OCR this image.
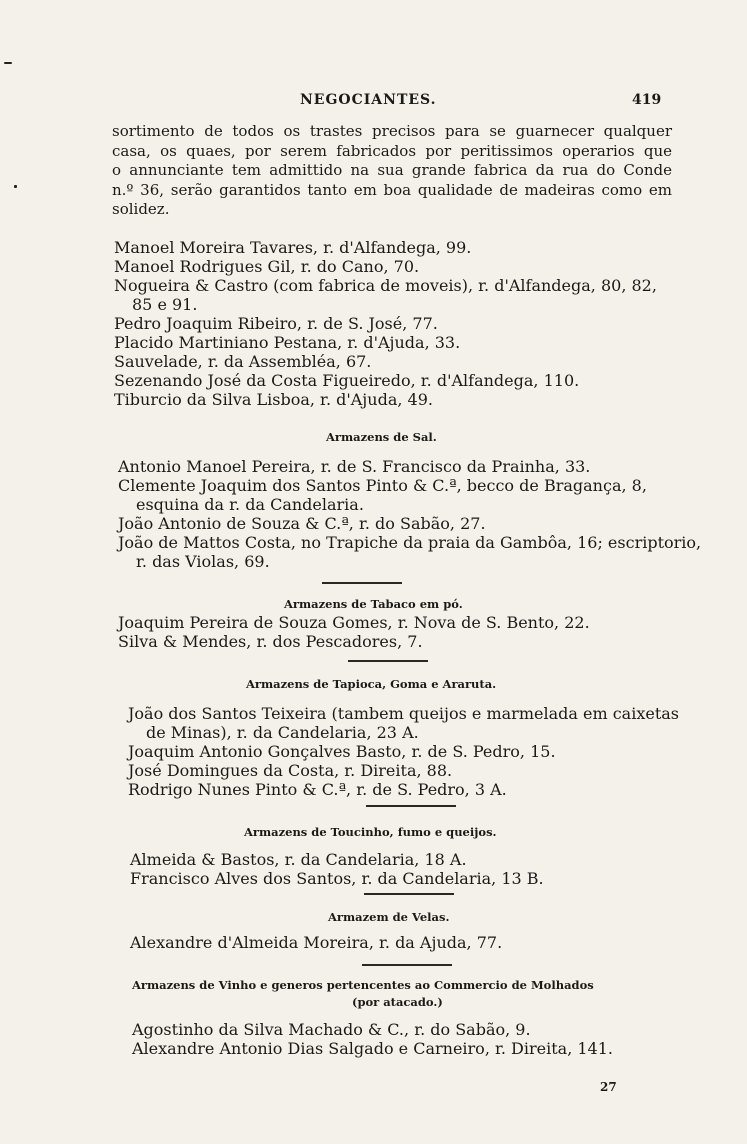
NEGOCIANTES.	419
sortimento de todos os trastes precisos para se guarnecer qualquer
casa, os quaes, por serem fabricados por peritissimos operarios que
o annunciante tem admittido na sua grande fabrica da rua do Conde
n.º 36, serão garantidos tanto em boa qualidade de madeiras como em
solidez.
Manoel Moreira Tavares, r. d'Alfandega, 99.
Manoel Rodrigues Gil, r. do Cano, 70.
Nogueira & Castro (com fabrica de moveis), r. d'Alfandega, 80, 82,
85 e 91.
Pedro Joaquim Ribeiro, r. de S. José, 77.
Placido Martiniano Pestana, r. d'Ajuda, 33.
Sauvelade, r. da Assembléa, 67.
Sezenando José da Costa Figueiredo, r. d'Alfandega, 110.
Tiburcio da Silva Lisboa, r. d'Ajuda, 49.
Armazens de Sal.
Antonio Manoel Pereira, r. de S. Francisco da Prainha, 33.
Clemente Joaquim dos Santos Pinto & C.ª, becco de Bragança, 8,
esquina da r. da Candelaria.
João Antonio de Souza & C.ª, r. do Sabão, 27.
João de Mattos Costa, no Trapiche da praia da Gambôa, 16; escriptorio,
r. das Violas, 69.
Armazens de Tabaco em pó.
Joaquim Pereira de Souza Gomes, r. Nova de S. Bento, 22.
Silva & Mendes, r. dos Pescadores, 7.
Armazens de Tapioca, Goma e Araruta.
João dos Santos Teixeira (tambem queijos e marmelada em caixetas
de Minas), r. da Candelaria, 23 A.
Joaquim Antonio Gonçalves Basto, r. de S. Pedro, 15.
José Domingues da Costa, r. Direita, 88.
Rodrigo Nunes Pinto & C.ª, r. de S. Pedro, 3 A.
Armazens de Toucinho, fumo e queijos.
Almeida & Bastos, r. da Candelaria, 18 A.
Francisco Alves dos Santos, r. da Candelaria, 13 B.
Armazem de Velas.
Alexandre d'Almeida Moreira, r. da Ajuda, 77.
Armazens de Vinho e generos pertencentes ao Commercio de Molhados
(por atacado.)
Agostinho da Silva Machado & C., r. do Sabão, 9.
Alexandre Antonio Dias Salgado e Carneiro, r. Direita, 141.
27
